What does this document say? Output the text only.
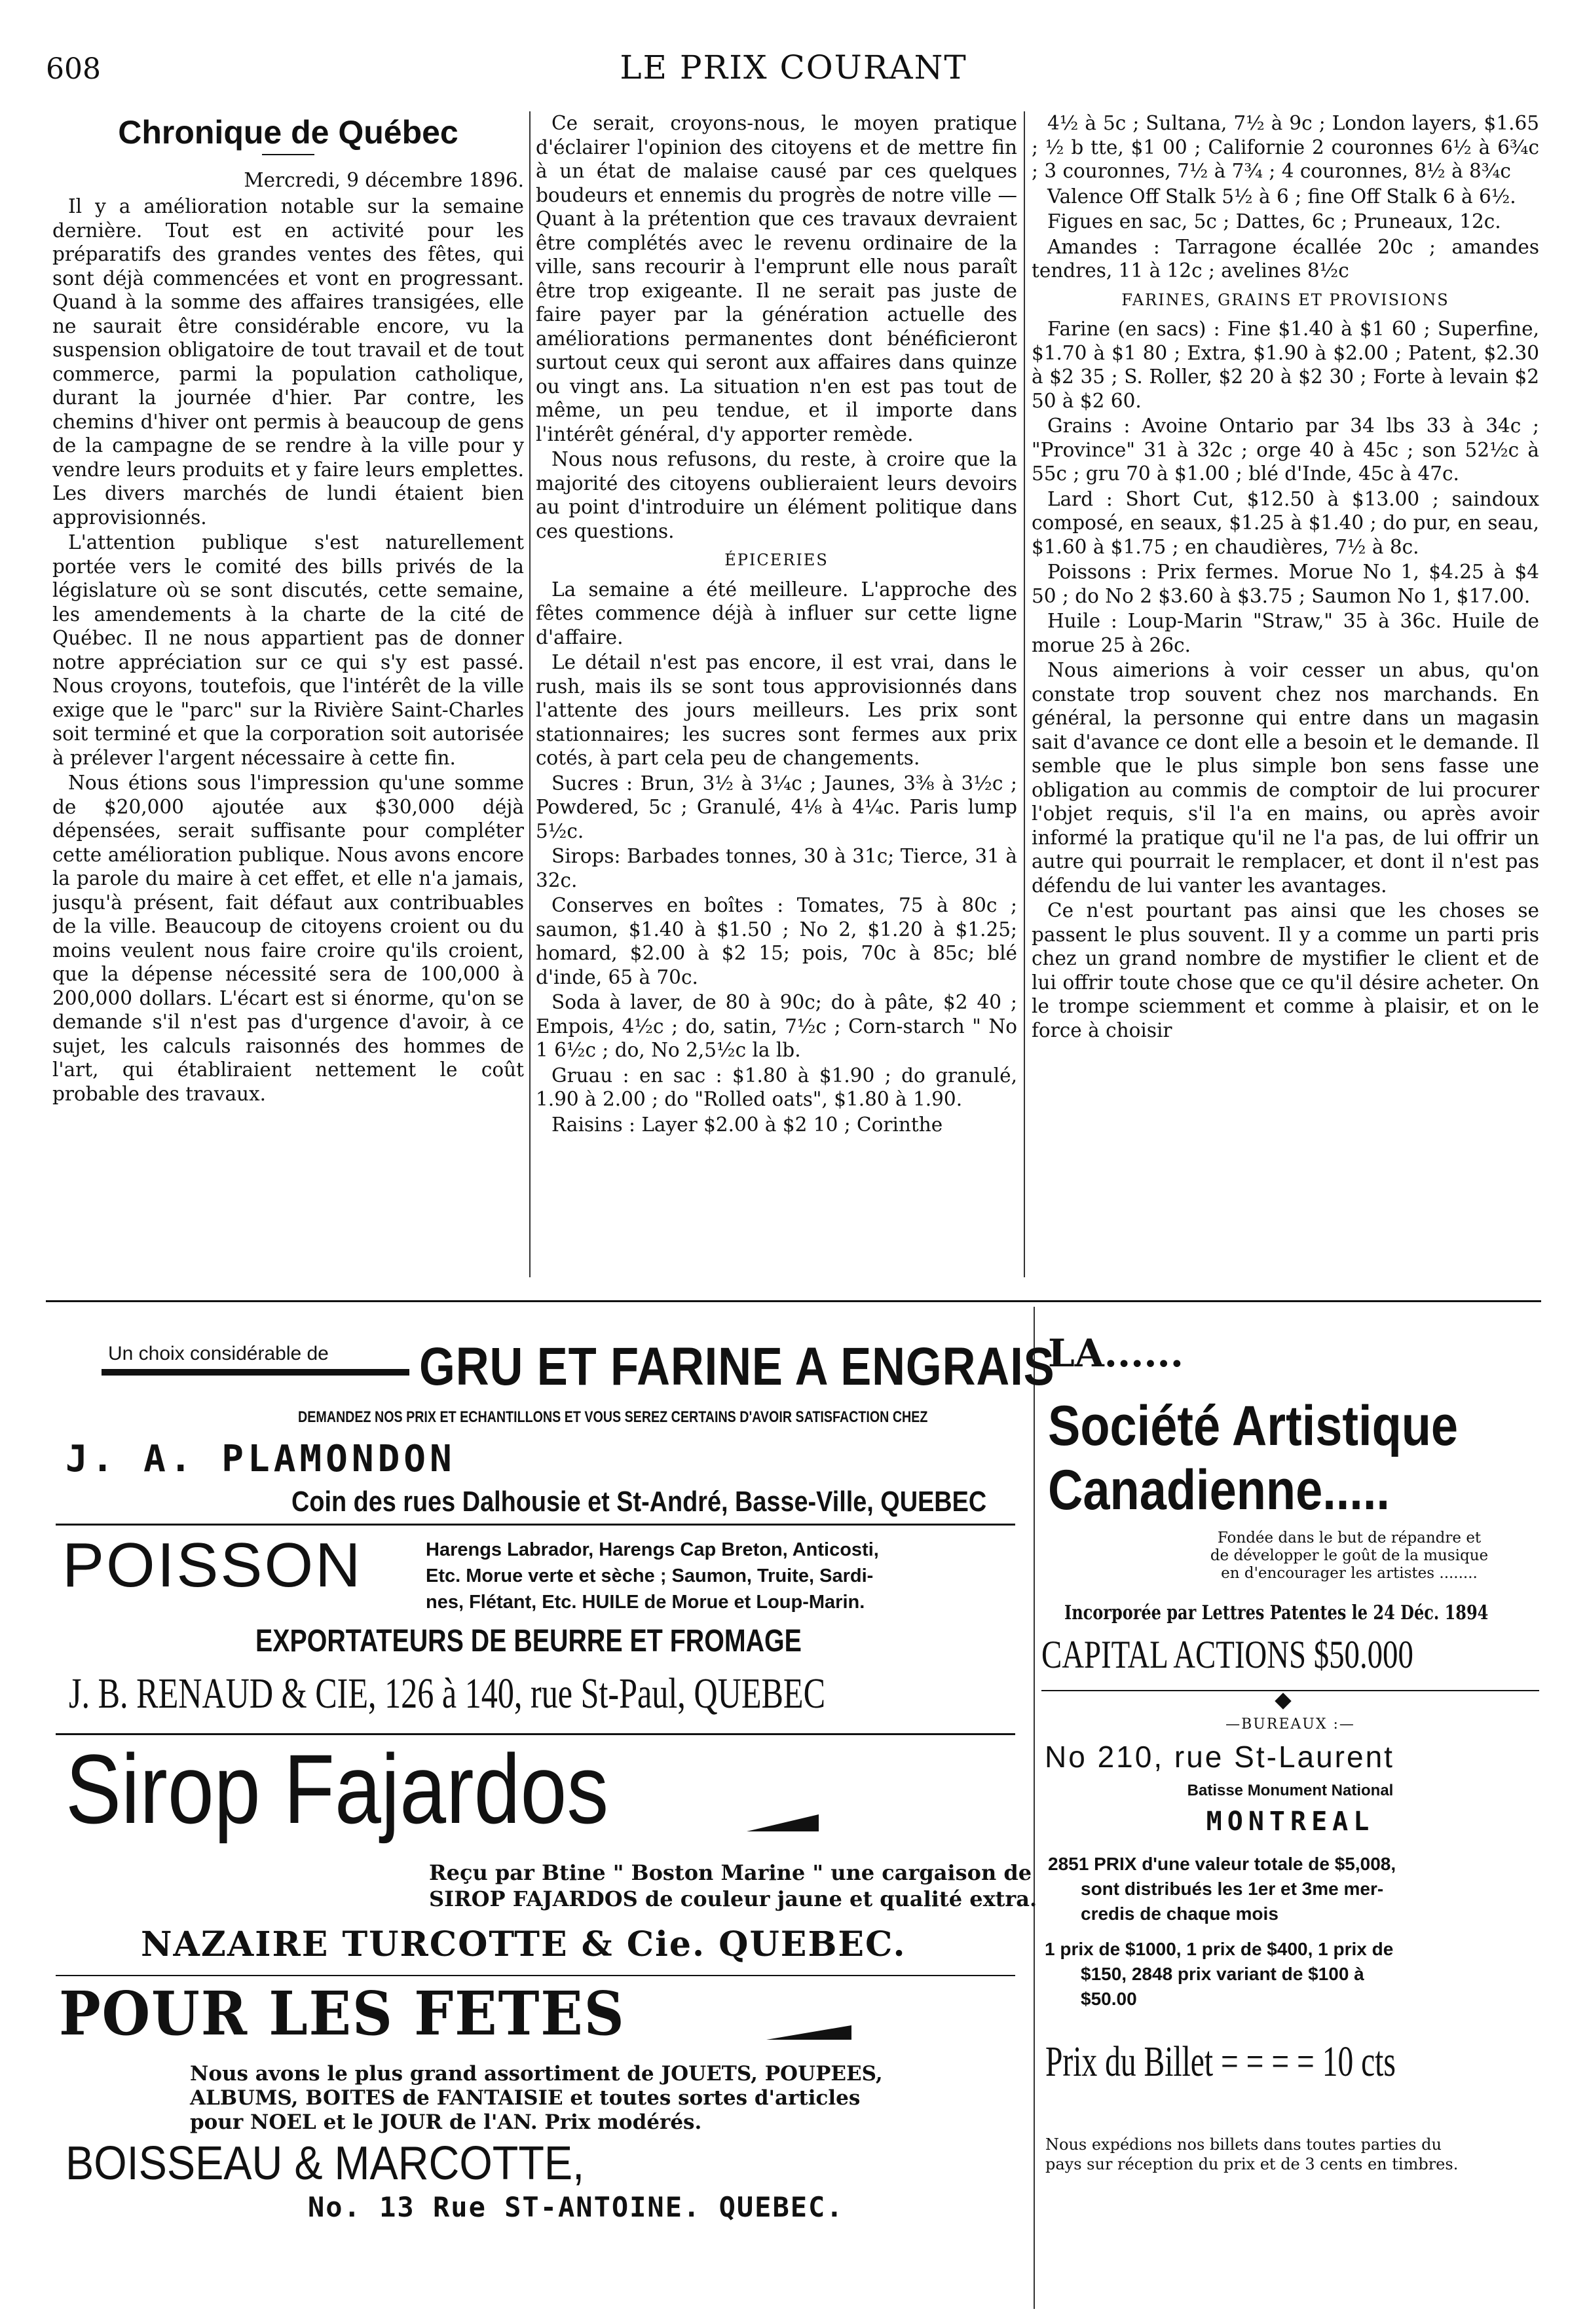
608	LE PRIX COURANT
Chronique de Québec
Mercredi, 9 décembre 1896.

Il y a amélioration notable sur la semaine dernière. Tout est en activité pour les préparatifs des grandes ventes des fêtes, qui sont déjà commencées et vont en progressant. Quand à la somme des affaires transigées, elle ne saurait être considérable encore, vu la suspension obligatoire de tout travail et de tout commerce, parmi la population catholique, durant la journée d'hier. Par contre, les chemins d'hiver ont permis à beaucoup de gens de la campagne de se rendre à la ville pour y vendre leurs produits et y faire leurs emplettes. Les divers marchés de lundi étaient bien approvisionnés.

L'attention publique s'est naturellement portée vers le comité des bills privés de la législature où se sont discutés, cette semaine, les amendements à la charte de la cité de Québec. Il ne nous appartient pas de donner notre appréciation sur ce qui s'y est passé. Nous croyons, toutefois, que l'intérêt de la ville exige que le "parc" sur la Rivière Saint-Charles soit terminé et que la corporation soit autorisée à prélever l'argent nécessaire à cette fin.

Nous étions sous l'impression qu'une somme de $20,000 ajoutée aux $30,000 déjà dépensées, serait suffisante pour compléter cette amélioration publique. Nous avons encore la parole du maire à cet effet, et elle n'a jamais, jusqu'à présent, fait défaut aux contribuables de la ville. Beaucoup de citoyens croient ou du moins veulent nous faire croire qu'ils croient, que la dépense nécessité sera de 100,000 à 200,000 dollars. L'écart est si énorme, qu'on se demande s'il n'est pas d'urgence d'avoir, à ce sujet, les calculs raisonnés des hommes de l'art, qui établiraient nettement le coût probable des travaux.

Ce serait, croyons-nous, le moyen pratique d'éclairer l'opinion des citoyens et de mettre fin à un état de malaise causé par ces quelques boudeurs et ennemis du progrès de notre ville —Quant à la prétention que ces travaux devraient être complétés avec le revenu ordinaire de la ville, sans recourir à l'emprunt elle nous paraît être trop exigeante. Il ne serait pas juste de faire payer par la génération actuelle des améliorations permanentes dont bénéficieront surtout ceux qui seront aux affaires dans quinze ou vingt ans. La situation n'en est pas tout de même, un peu tendue, et il importe dans l'intérêt général, d'y apporter remède.

Nous nous refusons, du reste, à croire que la majorité des citoyens oublieraient leurs devoirs au point d'introduire un élément politique dans ces questions.

ÉPICERIES

La semaine a été meilleure. L'approche des fêtes commence déjà à influer sur cette ligne d'affaire.

Le détail n'est pas encore, il est vrai, dans le rush, mais ils se sont tous approvisionnés dans l'attente des jours meilleurs. Les prix sont stationnaires; les sucres sont fermes aux prix cotés, à part cela peu de changements.

Sucres : Brun, 3½ à 3¼c ; Jaunes, 3⅜ à 3½c ; Powdered, 5c ; Granulé, 4⅛ à 4¼c. Paris lump 5½c.

Sirops: Barbades tonnes, 30 à 31c; Tierce, 31 à 32c.

Conserves en boîtes : Tomates, 75 à 80c ; saumon, $1.40 à $1.50 ; No 2, $1.20 à $1.25; homard, $2.00 à $2 15; pois, 70c à 85c; blé d'inde, 65 à 70c.

Soda à laver, de 80 à 90c; do à pâte, $2 40 ; Empois, 4½c ; do, satin, 7½c ; Corn-starch " No 1 6½c ; do, No 2,5½c la lb.

Gruau : en sac : $1.80 à $1.90 ; do granulé, 1.90 à 2.00 ; do "Rolled oats", $1.80 à 1.90.

Raisins : Layer $2.00 à $2 10 ; Corinthe

4½ à 5c ; Sultana, 7½ à 9c ; London layers, $1.65 ; ½ b tte, $1 00 ; Californie 2 couronnes 6½ à 6¾c ; 3 couronnes, 7½ à 7¾ ; 4 couronnes, 8½ à 8¾c

Valence Off Stalk 5½ à 6 ; fine Off Stalk 6 à 6½.

Figues en sac, 5c ; Dattes, 6c ; Pruneaux, 12c.

Amandes : Tarragone écallée 20c ; amandes tendres, 11 à 12c ; avelines 8½c

FARINES, GRAINS ET PROVISIONS

Farine (en sacs) : Fine $1.40 à $1 60 ; Superfine, $1.70 à $1 80 ; Extra, $1.90 à $2.00 ; Patent, $2.30 à $2 35 ; S. Roller, $2 20 à $2 30 ; Forte à levain $2 50 à $2 60.

Grains : Avoine Ontario par 34 lbs 33 à 34c ; "Province" 31 à 32c ; orge 40 à 45c ; son 52½c à 55c ; gru 70 à $1.00 ; blé d'Inde, 45c à 47c.

Lard : Short Cut, $12.50 à $13.00 ; saindoux composé, en seaux, $1.25 à $1.40 ; do pur, en seau, $1.60 à $1.75 ; en chaudières, 7½ à 8c.

Poissons : Prix fermes. Morue No 1, $4.25 à $4 50 ; do No 2 $3.60 à $3.75 ; Saumon No 1, $17.00.

Huile : Loup-Marin "Straw," 35 à 36c. Huile de morue 25 à 26c.

Nous aimerions à voir cesser un abus, qu'on constate trop souvent chez nos marchands. En général, la personne qui entre dans un magasin sait d'avance ce dont elle a besoin et le demande. Il semble que le plus simple bon sens fasse une obligation au commis de comptoir de lui procurer l'objet requis, s'il l'a en mains, ou après avoir informé la pratique qu'il ne l'a pas, de lui offrir un autre qui pourrait le remplacer, et dont il n'est pas défendu de lui vanter les avantages.

Ce n'est pourtant pas ainsi que les choses se passent le plus souvent. Il y a comme un parti pris chez un grand nombre de mystifier le client et de lui offrir toute chose que ce qu'il désire acheter. On le trompe sciemment et comme à plaisir, et on le force à choisir

Un choix considérable de GRU ET FARINE A ENGRAIS
DEMANDEZ NOS PRIX ET ECHANTILLONS ET VOUS SEREZ CERTAINS D'AVOIR SATISFACTION CHEZ
J. A. PLAMONDON
Coin des rues Dalhousie et St-André, Basse-Ville, QUEBEC
POISSON	Harengs Labrador, Harengs Cap Breton, Anticosti,
Etc. Morue verte et sèche ; Saumon, Truite, Sardi-
nes, Flétant, Etc. HUILE de Morue et Loup-Marin.
EXPORTATEURS DE BEURRE ET FROMAGE
J. B. RENAUD & CIE, 126 à 140, rue St-Paul, QUEBEC
Sirop Fajardos
Reçu par Btine " Boston Marine " une cargaison de
SIROP FAJARDOS de couleur jaune et qualité extra.
NAZAIRE TURCOTTE & Cie. QUEBEC.
POUR LES FETES
Nous avons le plus grand assortiment de JOUETS, POUPEES,
ALBUMS, BOITES de FANTAISIE et toutes sortes d'articles
pour NOEL et le JOUR de l'AN. Prix modérés.
BOISSEAU & MARCOTTE,
No. 13 Rue ST-ANTOINE. QUEBEC.
LA......
Société Artistique
Canadienne.....
Fondée dans le but de répandre et
de développer le goût de la musique
en d'encourager les artistes ........
Incorporée par Lettres Patentes le 24 Déc. 1894
CAPITAL ACTIONS $50.000
—BUREAUX :—
No 210, rue St-Laurent
Batisse Monument National
MONTREAL
2851 PRIX d'une valeur totale de $5,008,
sont distribués les 1er et 3me mer-
credis de chaque mois
1 prix de $1000, 1 prix de $400, 1 prix de
$150, 2848 prix variant de $100 à
$50.00
Prix du Billet = = = = 10 cts
Nous expédions nos billets dans toutes parties du
pays sur réception du prix et de 3 cents en timbres.
